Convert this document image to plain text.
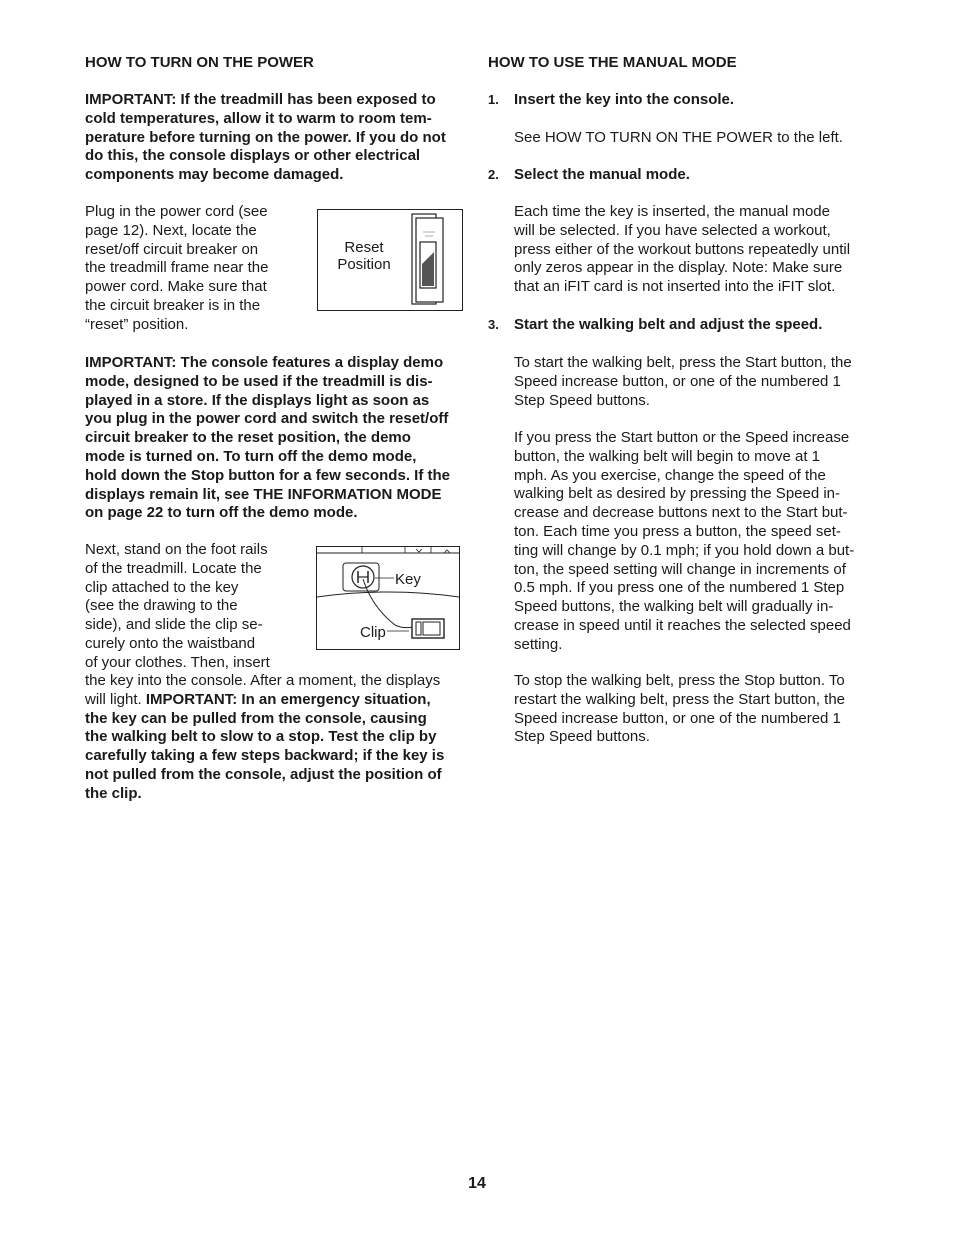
HOW TO TURN ON THE POWER

IMPORTANT: If the treadmill has been exposed to

cold temperatures, allow it to warm to room tem-

perature before turning on the power. If you do not

do this, the console displays or other electrical

components may become damaged.

Plug in the power cord (see

page 12). Next, locate the

reset/off circuit breaker on

the treadmill frame near the

power cord. Make sure that

the circuit breaker is in the

“reset” position.

Reset
Position

IMPORTANT: The console features a display demo

mode, designed to be used if the treadmill is dis-

played in a store. If the displays light as soon as

you plug in the power cord and switch the reset/off

circuit breaker to the reset position, the demo

mode is turned on. To turn off the demo mode,

hold down the Stop button for a few seconds. If the

displays remain lit, see THE INFORMATION MODE

on page 22 to turn off the demo mode.

Next, stand on the foot rails

of the treadmill. Locate the

clip attached to the key

(see the drawing to the

side), and slide the clip se-

curely onto the waistband

of your clothes. Then, insert

Key
Clip

the key into the console. After a moment, the displays

will light. IMPORTANT: In an emergency situation,

the key can be pulled from the console, causing

the walking belt to slow to a stop. Test the clip by

carefully taking a few steps backward; if the key is

not pulled from the console, adjust the position of

the clip.

HOW TO USE THE MANUAL MODE
1. Insert the key into the console.
See HOW TO TURN ON THE POWER to the left.
2. Select the manual mode.

Each time the key is inserted, the manual mode

will be selected. If you have selected a workout,

press either of the workout buttons repeatedly until

only zeros appear in the display. Note: Make sure

that an iFIT card is not inserted into the iFIT slot.

3. Start the walking belt and adjust the speed.

To start the walking belt, press the Start button, the

Speed increase button, or one of the numbered 1

Step Speed buttons.

If you press the Start button or the Speed increase

button, the walking belt will begin to move at 1

mph. As you exercise, change the speed of the

walking belt as desired by pressing the Speed in-

crease and decrease buttons next to the Start but-

ton. Each time you press a button, the speed set-

ting will change by 0.1 mph; if you hold down a but-

ton, the speed setting will change in increments of

0.5 mph. If you press one of the numbered 1 Step

Speed buttons, the walking belt will gradually in-

crease in speed until it reaches the selected speed

setting.

To stop the walking belt, press the Stop button. To

restart the walking belt, press the Start button, the

Speed increase button, or one of the numbered 1

Step Speed buttons.

14
